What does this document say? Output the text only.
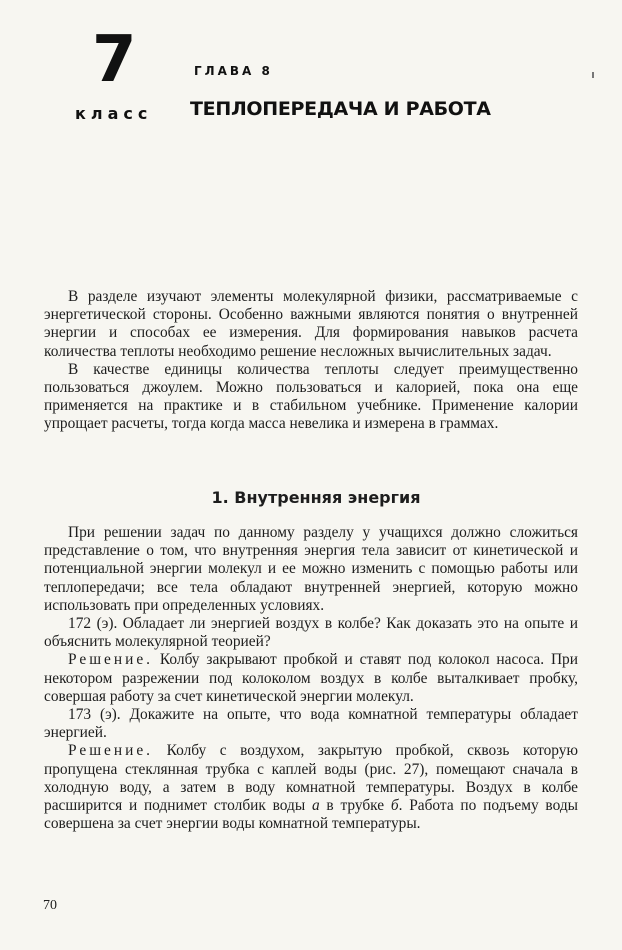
7
класс
ГЛАВА 8
ТЕПЛОПЕРЕДАЧА И РАБОТА

В разделе изучают элементы молекулярной физики, рассматриваемые с энергетической стороны. Особенно важными являются понятия о внутренней энергии и способах ее измерения. Для формирования навыков расчета количества теплоты необходимо решение несложных вычислительных задач.

В качестве единицы количества теплоты следует преимущественно пользоваться джоулем. Можно пользоваться и калорией, пока она еще применяется на практике и в стабильном учебнике. Применение калории упрощает расчеты, тогда когда масса невелика и измерена в граммах.

1. Внутренняя энергия

При решении задач по данному разделу у учащихся должно сложиться представление о том, что внутренняя энергия тела зависит от кинетической и потенциальной энергии молекул и ее можно изменить с помощью работы или теплопередачи; все тела обладают внутренней энергией, которую можно использовать при определенных условиях.

172 (э). Обладает ли энергией воздух в колбе? Как доказать это на опыте и объяснить молекулярной теорией?

Решение. Колбу закрывают пробкой и ставят под колокол насоса. При некотором разрежении под колоколом воздух в колбе выталкивает пробку, совершая работу за счет кинетической энергии молекул.

173 (э). Докажите на опыте, что вода комнатной температуры обладает энергией.

Решение. Колбу с воздухом, закрытую пробкой, сквозь которую пропущена стеклянная трубка с каплей воды (рис. 27), помещают сначала в холодную воду, а затем в воду комнатной температуры. Воздух в колбе расширится и поднимет столбик воды а в трубке б. Работа по подъему воды совершена за счет энергии воды комнатной температуры.

70
